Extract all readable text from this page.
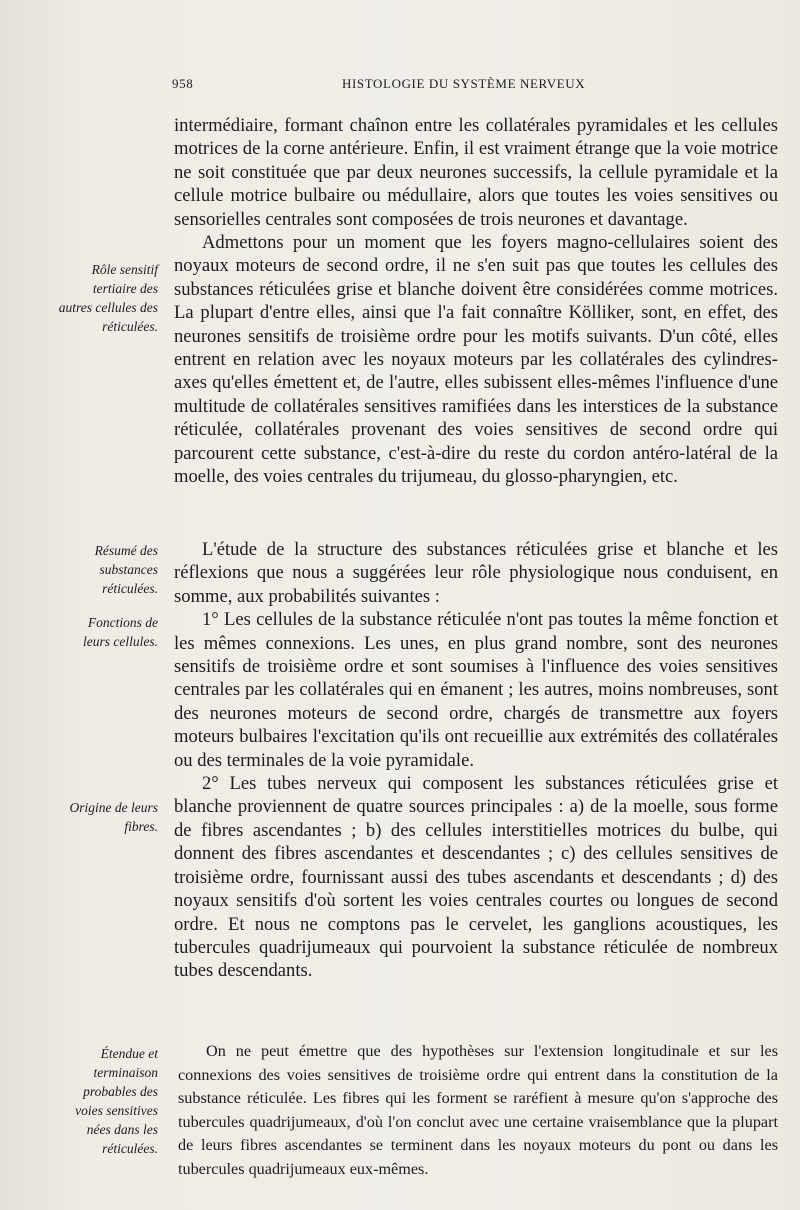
958	HISTOLOGIE DU SYSTÈME NERVEUX

intermédiaire, formant chaînon entre les collatérales pyramidales et les cellules motrices de la corne antérieure. Enfin, il est vraiment étrange que la voie motrice ne soit constituée que par deux neurones successifs, la cellule pyramidale et la cellule motrice bulbaire ou médullaire, alors que toutes les voies sensitives ou sensorielles centrales sont composées de trois neurones et davantage.

Admettons pour un moment que les foyers magno-cellulaires soient des noyaux moteurs de second ordre, il ne s'en suit pas que toutes les cellules des substances réticulées grise et blanche doivent être considérées comme motrices. La plupart d'entre elles, ainsi que l'a fait connaître Kölliker, sont, en effet, des neurones sensitifs de troisième ordre pour les motifs suivants. D'un côté, elles entrent en relation avec les noyaux moteurs par les collatérales des cylindres-axes qu'elles émettent et, de l'autre, elles subissent elles-mêmes l'influence d'une multitude de collatérales sensitives ramifiées dans les interstices de la substance réticulée, collatérales provenant des voies sensitives de second ordre qui parcourent cette substance, c'est-à-dire du reste du cordon antéro-latéral de la moelle, des voies centrales du trijumeau, du glosso-pharyngien, etc.

L'étude de la structure des substances réticulées grise et blanche et les réflexions que nous a suggérées leur rôle physiologique nous conduisent, en somme, aux probabilités suivantes :

1° Les cellules de la substance réticulée n'ont pas toutes la même fonction et les mêmes connexions. Les unes, en plus grand nombre, sont des neurones sensitifs de troisième ordre et sont soumises à l'influence des voies sensitives centrales par les collatérales qui en émanent ; les autres, moins nombreuses, sont des neurones moteurs de second ordre, chargés de transmettre aux foyers moteurs bulbaires l'excitation qu'ils ont recueillie aux extrémités des collatérales ou des terminales de la voie pyramidale.

2° Les tubes nerveux qui composent les substances réticulées grise et blanche proviennent de quatre sources principales : a) de la moelle, sous forme de fibres ascendantes ; b) des cellules interstitielles motrices du bulbe, qui donnent des fibres ascendantes et descendantes ; c) des cellules sensitives de troisième ordre, fournissant aussi des tubes ascendants et descendants ; d) des noyaux sensitifs d'où sortent les voies centrales courtes ou longues de second ordre. Et nous ne comptons pas le cervelet, les ganglions acoustiques, les tubercules quadrijumeaux qui pourvoient la substance réticulée de nombreux tubes descendants.

On ne peut émettre que des hypothèses sur l'extension longitudinale et sur les connexions des voies sensitives de troisième ordre qui entrent dans la constitution de la substance réticulée. Les fibres qui les forment se raréfient à mesure qu'on s'approche des tubercules quadrijumeaux, d'où l'on conclut avec une certaine vraisemblance que la plupart de leurs fibres ascendantes se terminent dans les noyaux moteurs du pont ou dans les tubercules quadrijumeaux eux-mêmes.

Rôle sensitif tertiaire des autres cellules des réticulées.
Résumé des substances réticulées.
Fonctions de leurs cellules.
Origine de leurs fibres.
Étendue et terminaison probables des voies sensitives nées dans les réticulées.
